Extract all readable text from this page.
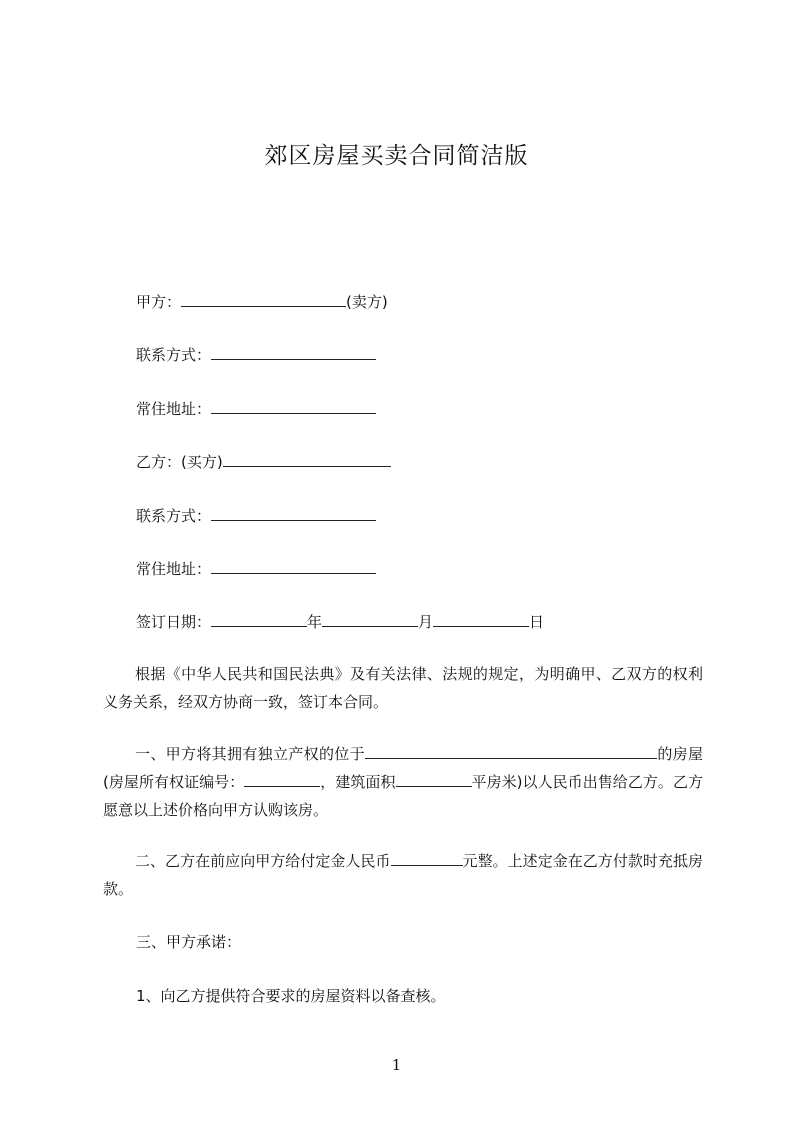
郊区房屋买卖合同简洁版
甲方：	(卖方)
联系方式：
常住地址：
乙方：(买方)
联系方式：
常住地址：
签订日期：	年	月	日
根据《中华人民共和国民法典》及有关法律、法规的规定，为明确甲、乙双方的权利义务关系，经双方协商一致，签订本合同。
一、甲方将其拥有独立产权的位于	的房屋(房屋所有权证编号：	，建筑面积	平房米)以人民币出售给乙方。乙方愿意以上述价格向甲方认购该房。
二、乙方在前应向甲方给付定金人民币	元整。上述定金在乙方付款时充抵房款。
三、甲方承诺：
1、向乙方提供符合要求的房屋资料以备查核。
1
